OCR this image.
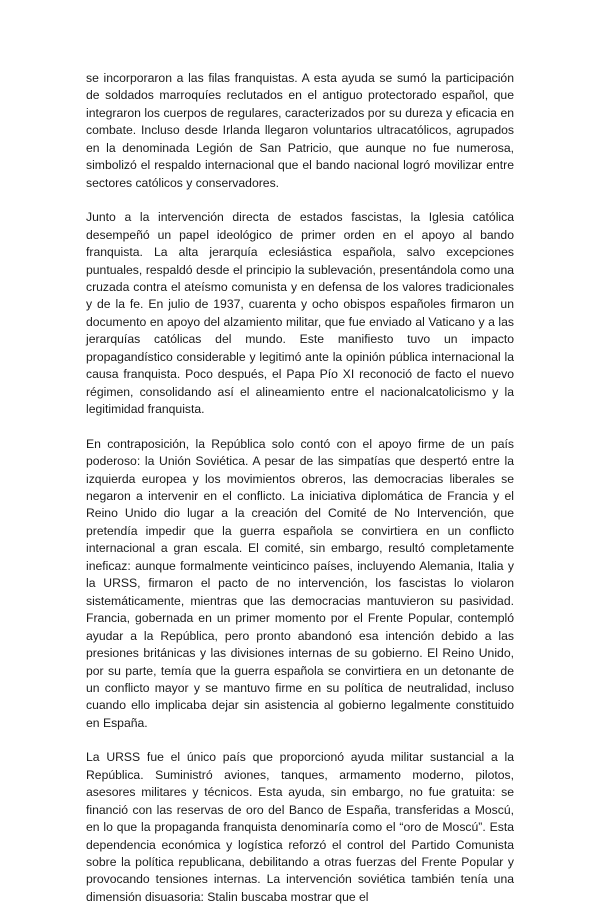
se incorporaron a las filas franquistas. A esta ayuda se sumó la participación de soldados marroquíes reclutados en el antiguo protectorado español, que integraron los cuerpos de regulares, caracterizados por su dureza y eficacia en combate. Incluso desde Irlanda llegaron voluntarios ultracatólicos, agrupados en la denominada Legión de San Patricio, que aunque no fue numerosa, simbolizó el respaldo internacional que el bando nacional logró movilizar entre sectores católicos y conservadores.

Junto a la intervención directa de estados fascistas, la Iglesia católica desempeñó un papel ideológico de primer orden en el apoyo al bando franquista. La alta jerarquía eclesiástica española, salvo excepciones puntuales, respaldó desde el principio la sublevación, presentándola como una cruzada contra el ateísmo comunista y en defensa de los valores tradicionales y de la fe. En julio de 1937, cuarenta y ocho obispos españoles firmaron un documento en apoyo del alzamiento militar, que fue enviado al Vaticano y a las jerarquías católicas del mundo. Este manifiesto tuvo un impacto propagandístico considerable y legitimó ante la opinión pública internacional la causa franquista. Poco después, el Papa Pío XI reconoció de facto el nuevo régimen, consolidando así el alineamiento entre el nacionalcatolicismo y la legitimidad franquista.

En contraposición, la República solo contó con el apoyo firme de un país poderoso: la Unión Soviética. A pesar de las simpatías que despertó entre la izquierda europea y los movimientos obreros, las democracias liberales se negaron a intervenir en el conflicto. La iniciativa diplomática de Francia y el Reino Unido dio lugar a la creación del Comité de No Intervención, que pretendía impedir que la guerra española se convirtiera en un conflicto internacional a gran escala. El comité, sin embargo, resultó completamente ineficaz: aunque formalmente veinticinco países, incluyendo Alemania, Italia y la URSS, firmaron el pacto de no intervención, los fascistas lo violaron sistemáticamente, mientras que las democracias mantuvieron su pasividad. Francia, gobernada en un primer momento por el Frente Popular, contempló ayudar a la República, pero pronto abandonó esa intención debido a las presiones británicas y las divisiones internas de su gobierno. El Reino Unido, por su parte, temía que la guerra española se convirtiera en un detonante de un conflicto mayor y se mantuvo firme en su política de neutralidad, incluso cuando ello implicaba dejar sin asistencia al gobierno legalmente constituido en España.

La URSS fue el único país que proporcionó ayuda militar sustancial a la República. Suministró aviones, tanques, armamento moderno, pilotos, asesores militares y técnicos. Esta ayuda, sin embargo, no fue gratuita: se financió con las reservas de oro del Banco de España, transferidas a Moscú, en lo que la propaganda franquista denominaría como el “oro de Moscú”. Esta dependencia económica y logística reforzó el control del Partido Comunista sobre la política republicana, debilitando a otras fuerzas del Frente Popular y provocando tensiones internas. La intervención soviética también tenía una dimensión disuasoria: Stalin buscaba mostrar que el
